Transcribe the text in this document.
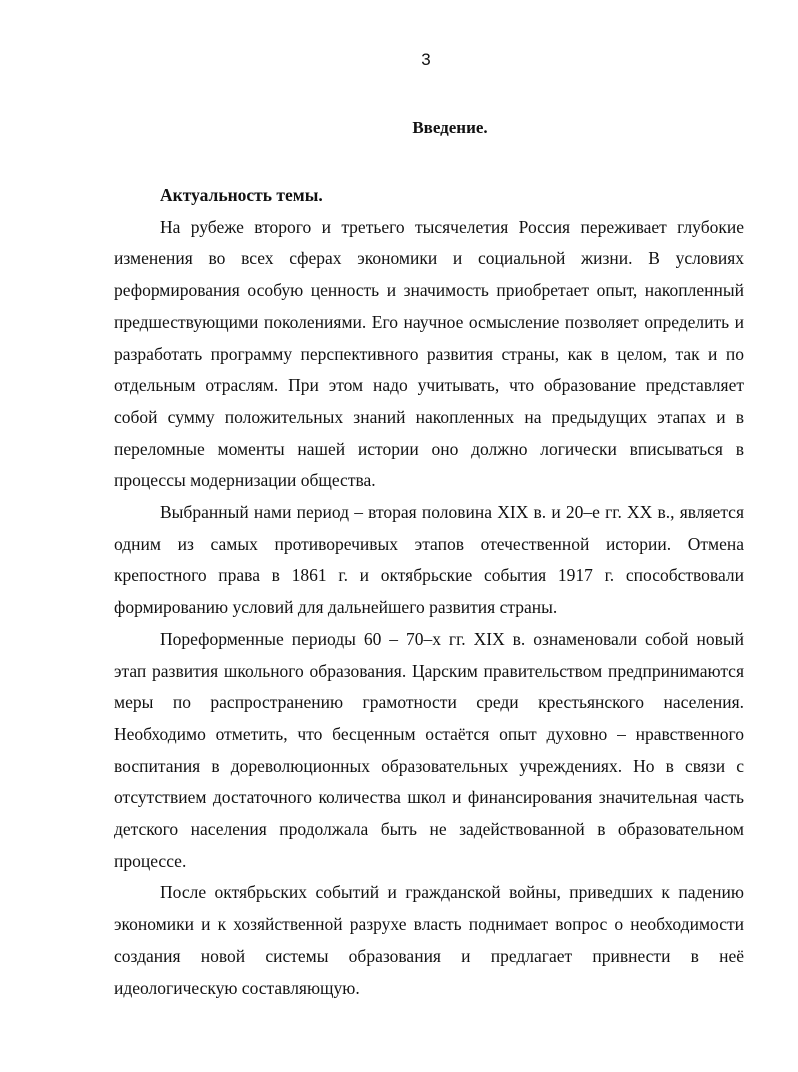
3
Введение.

Актуальность темы.

На рубеже второго и третьего тысячелетия Россия переживает глубокие изменения во всех сферах экономики и социальной жизни. В условиях реформирования особую ценность и значимость приобретает опыт, накопленный предшествующими поколениями. Его научное осмысление позволяет определить и разработать программу перспективного развития страны, как в целом, так и по отдельным отраслям. При этом надо учитывать, что образование представляет собой сумму положительных знаний накопленных на предыдущих этапах и в переломные моменты нашей истории оно должно логически вписываться в процессы модернизации общества.

Выбранный нами период – вторая половина XIX в. и 20–е гг. XX в., является одним из самых противоречивых этапов отечественной истории. Отмена крепостного права в 1861 г. и октябрьские события 1917 г. способствовали формированию условий для дальнейшего развития страны.

Пореформенные периоды 60 – 70–х гг. XIX в. ознаменовали собой новый этап развития школьного образования. Царским правительством предпринимаются меры по распространению грамотности среди крестьянского населения. Необходимо отметить, что бесценным остаётся опыт духовно – нравственного воспитания в дореволюционных образовательных учреждениях. Но в связи с отсутствием достаточного количества школ и финансирования значительная часть детского населения продолжала быть не задействованной в образовательном процессе.

После октябрьских событий и гражданской войны, приведших к падению экономики и к хозяйственной разрухе власть поднимает вопрос о необходимости создания новой системы образования и предлагает привнести в неё идеологическую составляющую.
